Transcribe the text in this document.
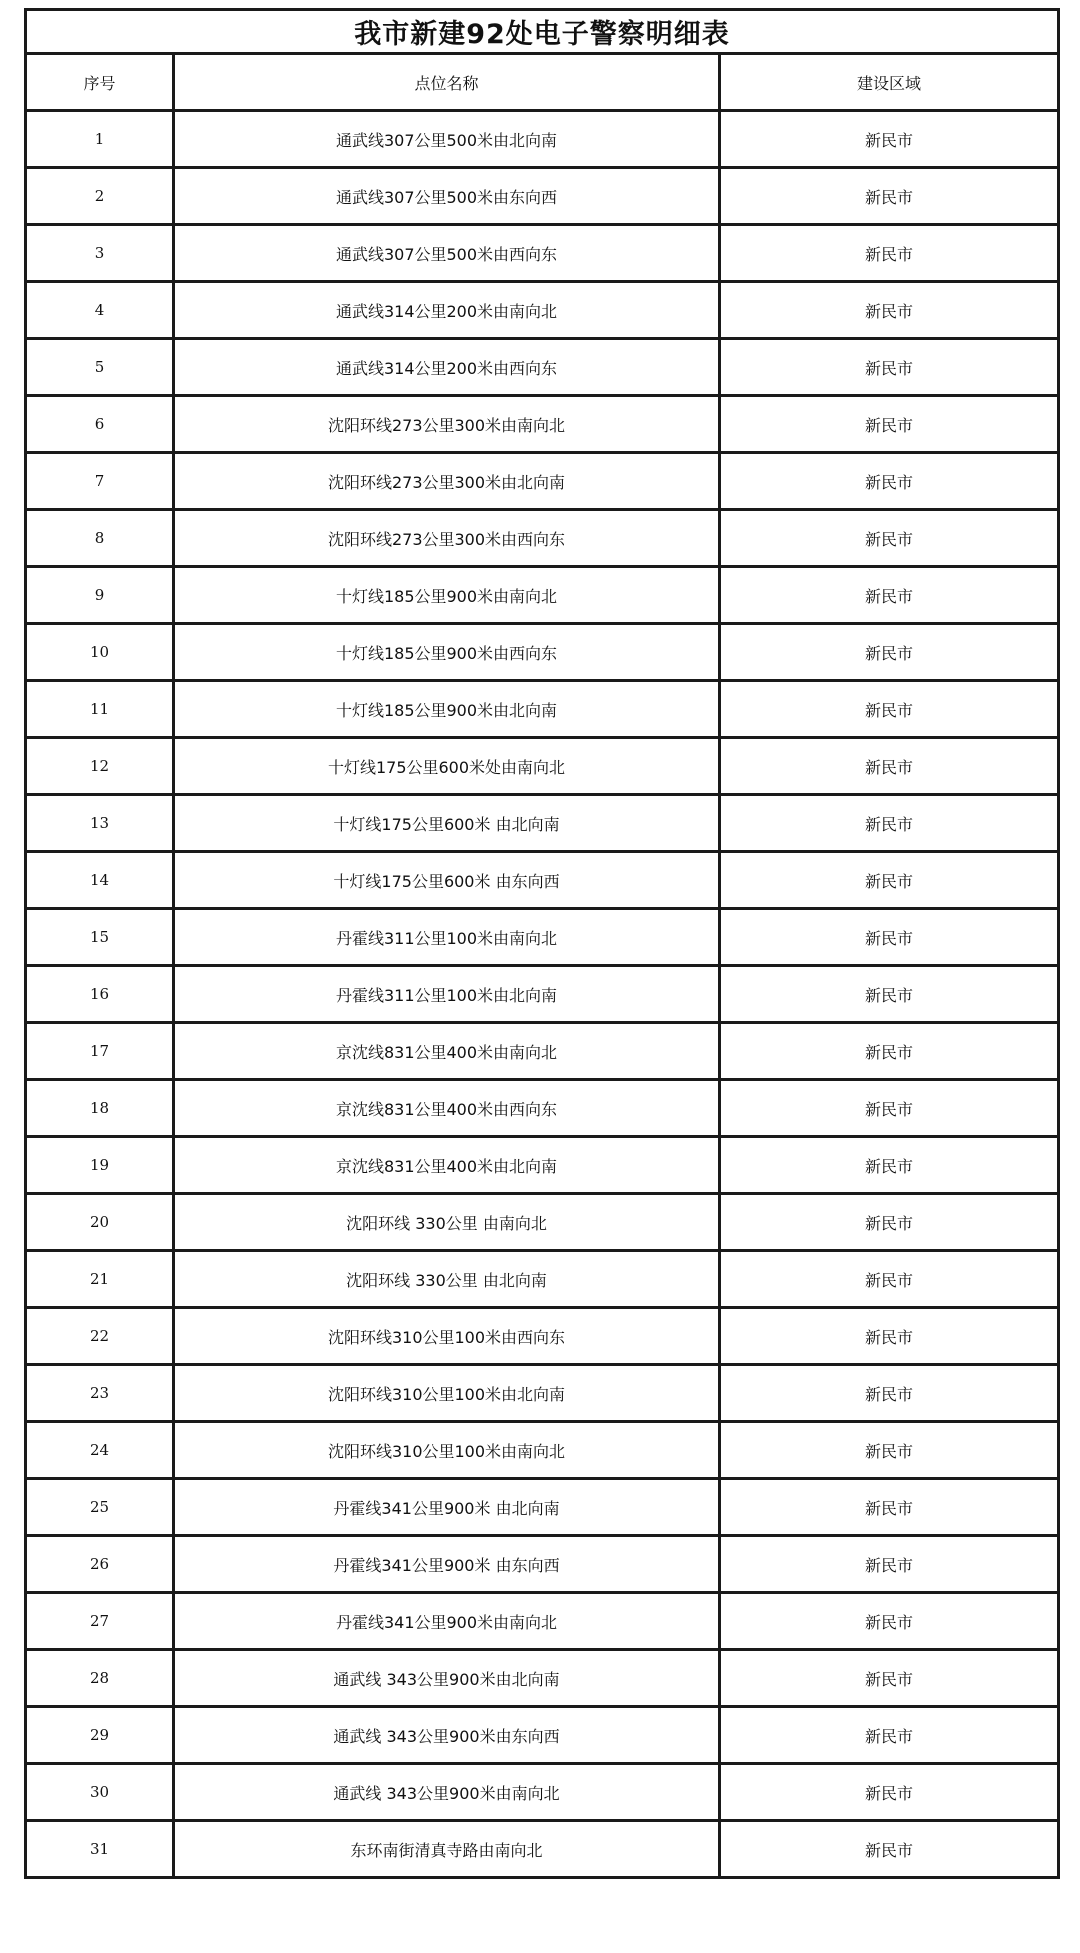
我市新建92处电子警察明细表		
序号	点位名称	建设区域
1	通武线307公里500米由北向南	新民市
2	通武线307公里500米由东向西	新民市
3	通武线307公里500米由西向东	新民市
4	通武线314公里200米由南向北	新民市
5	通武线314公里200米由西向东	新民市
6	沈阳环线273公里300米由南向北	新民市
7	沈阳环线273公里300米由北向南	新民市
8	沈阳环线273公里300米由西向东	新民市
9	十灯线185公里900米由南向北	新民市
10	十灯线185公里900米由西向东	新民市
11	十灯线185公里900米由北向南	新民市
12	十灯线175公里600米处由南向北	新民市
13	十灯线175公里600米 由北向南	新民市
14	十灯线175公里600米 由东向西	新民市
15	丹霍线311公里100米由南向北	新民市
16	丹霍线311公里100米由北向南	新民市
17	京沈线831公里400米由南向北	新民市
18	京沈线831公里400米由西向东	新民市
19	京沈线831公里400米由北向南	新民市
20	沈阳环线 330公里 由南向北	新民市
21	沈阳环线 330公里 由北向南	新民市
22	沈阳环线310公里100米由西向东	新民市
23	沈阳环线310公里100米由北向南	新民市
24	沈阳环线310公里100米由南向北	新民市
25	丹霍线341公里900米 由北向南	新民市
26	丹霍线341公里900米 由东向西	新民市
27	丹霍线341公里900米由南向北	新民市
28	通武线 343公里900米由北向南	新民市
29	通武线 343公里900米由东向西	新民市
30	通武线 343公里900米由南向北	新民市
31	东环南街清真寺路由南向北	新民市
